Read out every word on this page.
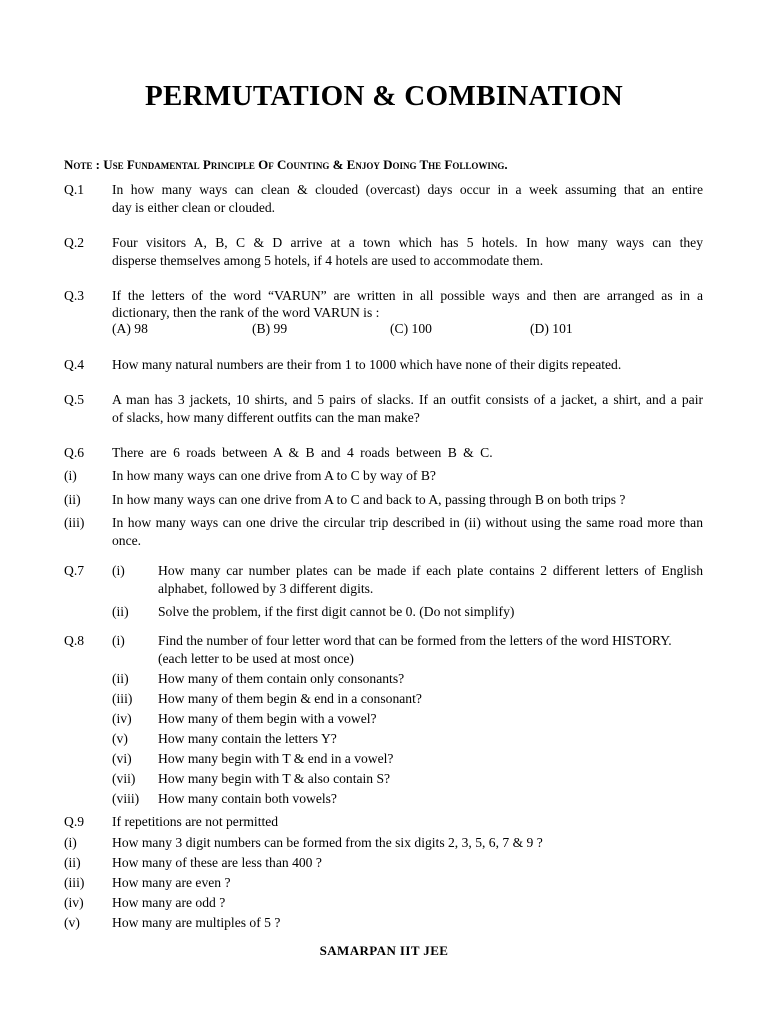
PERMUTATION & COMBINATION
Note : Use Fundamental Principle Of Counting & Enjoy Doing The Following.
Q.1 In how many ways can clean & clouded (overcast) days occur in a week assuming that an entire
day is either clean or clouded.
Q.2 Four visitors A, B, C & D arrive at a town which has 5 hotels. In how many ways can they
disperse themselves among 5 hotels, if 4 hotels are used to accommodate them.
Q.3 If the letters of the word “VARUN” are written in all possible ways and then are arranged as in a
dictionary, then the rank of the word VARUN is :
(A) 98	(B) 99	(C) 100	(D) 101
Q.4 How many natural numbers are their from 1 to 1000 which have none of their digits repeated.
Q.5 A man has 3 jackets, 10 shirts, and 5 pairs of slacks. If an outfit consists of a jacket, a shirt, and a pair
of slacks, how many different outfits can the man make?
Q.6 There are 6 roads between A & B and 4 roads between B & C.
(i)	In how many ways can one drive from A to C by way of B?
(ii) In how many ways can one drive from A to C and back to A, passing through B on both trips ?
(iii) In how many ways can one drive the circular trip described in (ii) without using the same road more than
once.
Q.7 (i) How many car number plates can be made if each plate contains 2 different letters of English
alphabet, followed by 3 different digits.
(ii) Solve the problem, if the first digit cannot be 0. (Do not simplify)
Q.8 (i) Find the number of four letter word that can be formed from the letters of the word HISTORY.
(each letter to be used at most once)
(ii) How many of them contain only consonants?
(iii) How many of them begin & end in a consonant?
(iv) How many of them begin with a vowel?
(v) How many contain the letters Y?
(vi) How many begin with T & end in a vowel?
(vii) How many begin with T & also contain S?
(viii) How many contain both vowels?
Q.9 If repetitions are not permitted
(i)	How many 3 digit numbers can be formed from the six digits 2, 3, 5, 6, 7 & 9 ?
(ii) How many of these are less than 400 ?
(iii) How many are even ?
(iv) How many are odd ?
(v) How many are multiples of 5 ?
SAMARPAN IIT JEE
